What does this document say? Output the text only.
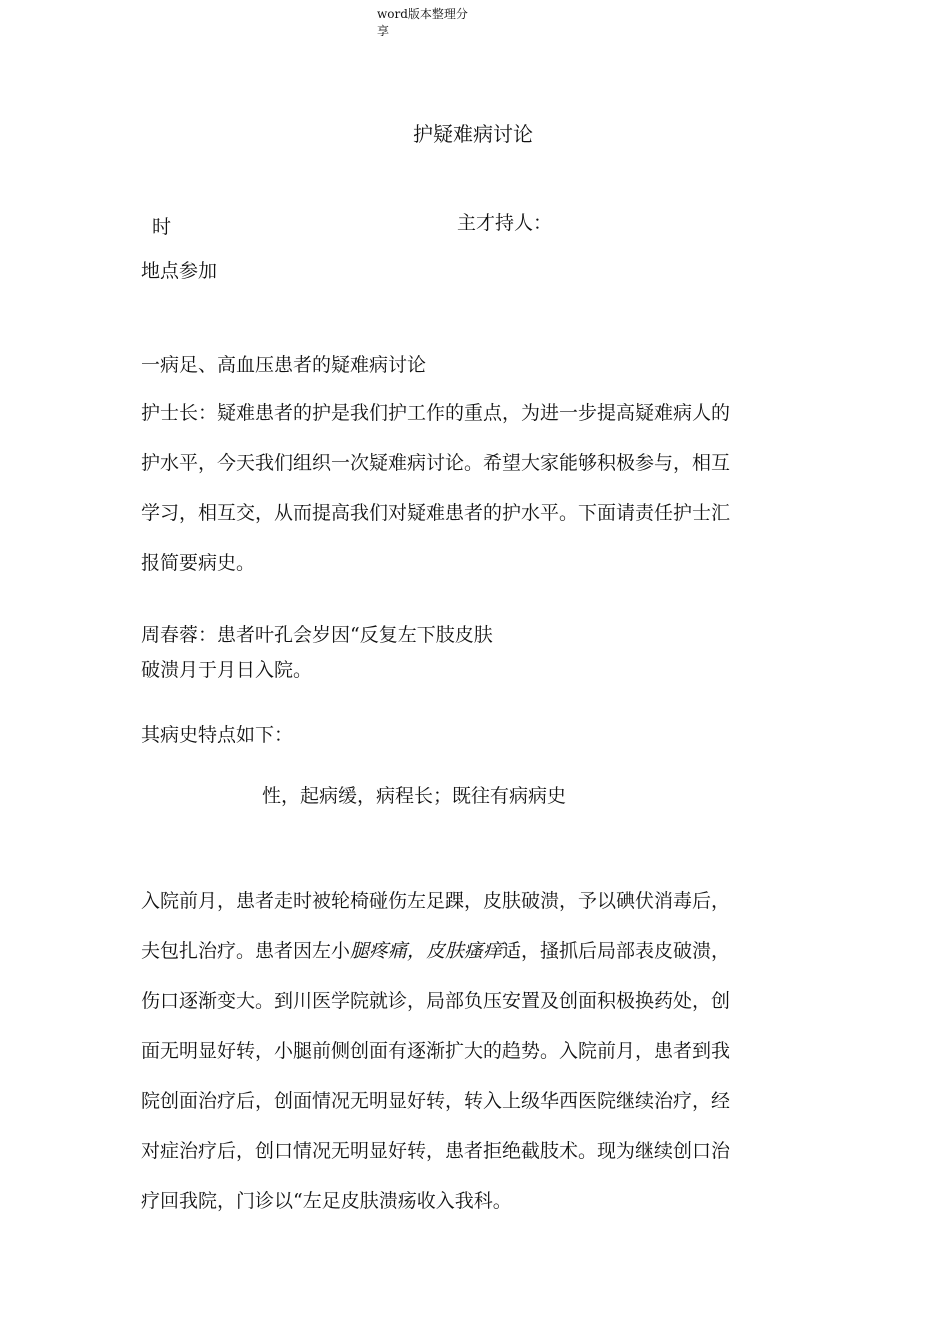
word版本整理分
享
护疑难病讨论
时	主才持人：
地点参加
一病足、高血压患者的疑难病讨论
护士长：疑难患者的护是我们护工作的重点，为进一步提高疑难病人的
护水平，今天我们组织一次疑难病讨论。希望大家能够积极参与，相互
学习，相互交，从而提高我们对疑难患者的护水平。下面请责任护士汇
报简要病史。
周春蓉：患者叶孔会岁因“反复左下肢皮肤
破溃月于月日入院。
其病史特点如下：
性，起病缓，病程长；既往有病病史
入院前月，患者走时被轮椅碰伤左足踝，皮肤破溃，予以碘伏消毒后，
夫包扎治疗。患者因左小腿疼痛，皮肤瘙痒适，搔抓后局部表皮破溃，
伤口逐渐变大。到川医学院就诊，局部负压安置及创面积极换药处，创
面无明显好转，小腿前侧创面有逐渐扩大的趋势。入院前月，患者到我
院创面治疗后，创面情况无明显好转，转入上级华西医院继续治疗，经
对症治疗后，创口情况无明显好转，患者拒绝截肢术。现为继续创口治
疗回我院，门诊以“左足皮肤溃疡收入我科。
